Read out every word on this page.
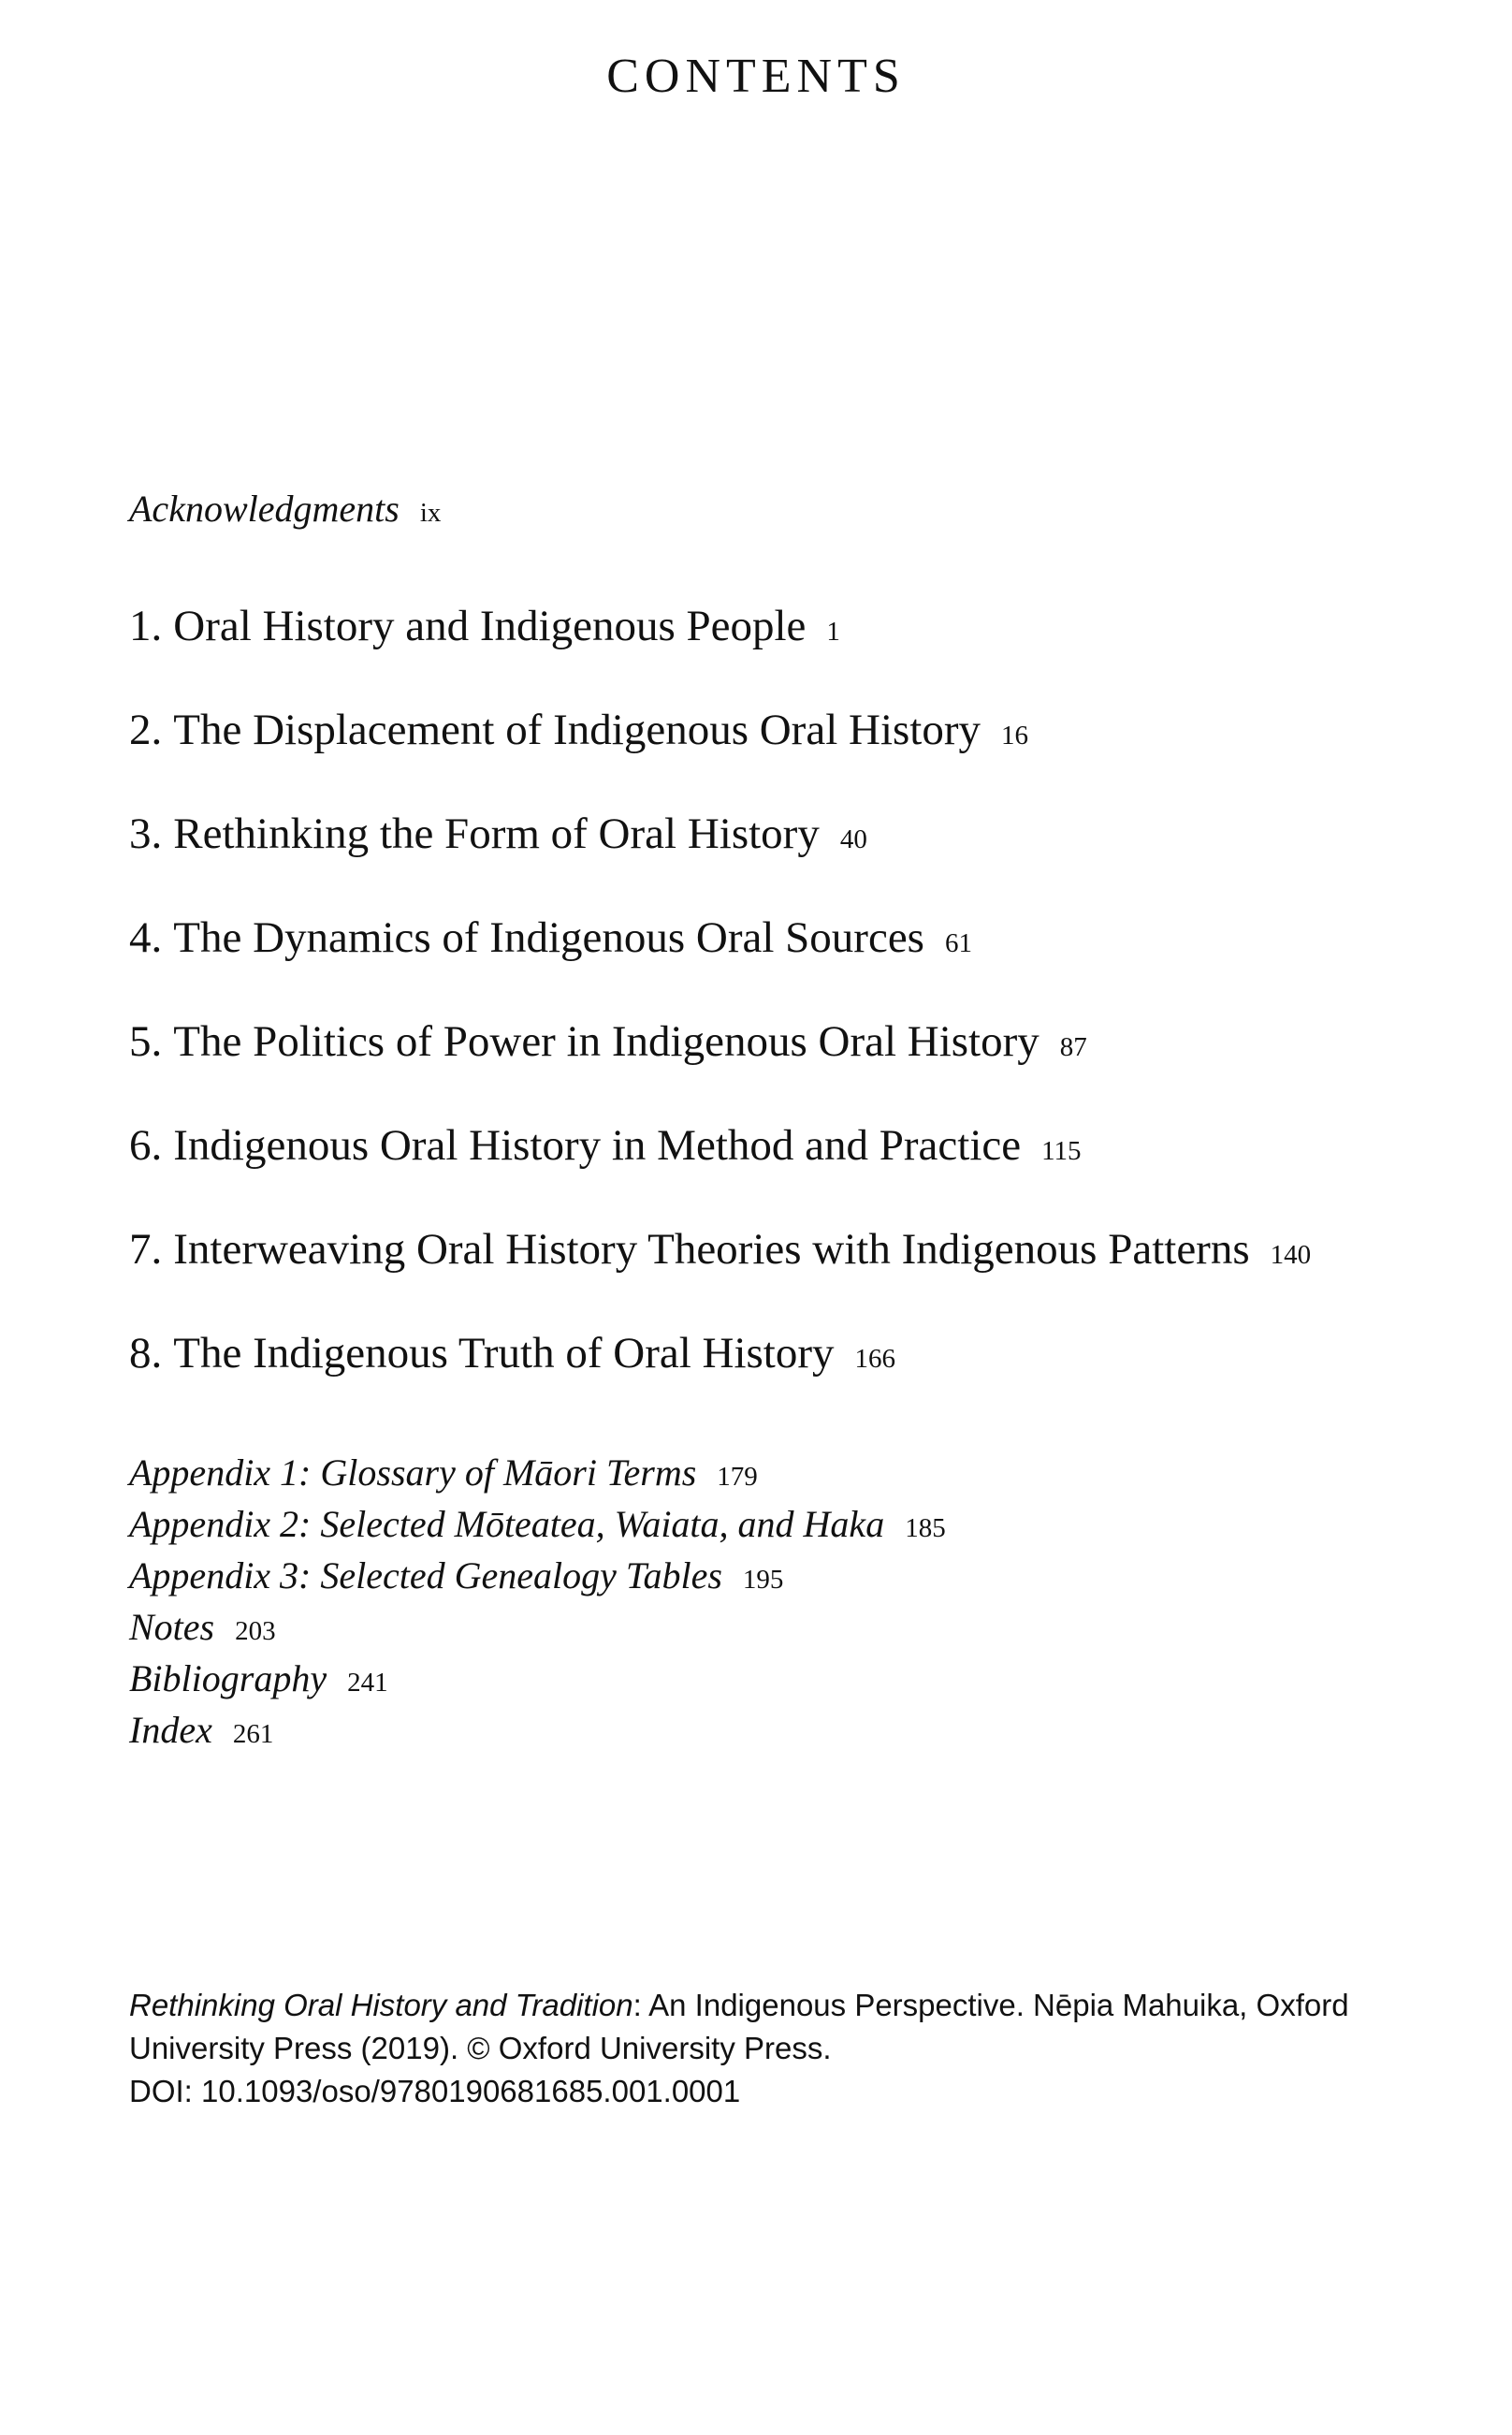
CONTENTS
Acknowledgments ix
1. Oral History and Indigenous People 1
2. The Displacement of Indigenous Oral History 16
3. Rethinking the Form of Oral History 40
4. The Dynamics of Indigenous Oral Sources 61
5. The Politics of Power in Indigenous Oral History 87
6. Indigenous Oral History in Method and Practice 115
7. Interweaving Oral History Theories with Indigenous Patterns 140
8. The Indigenous Truth of Oral History 166
Appendix 1: Glossary of Māori Terms 179
Appendix 2: Selected Mōteatea, Waiata, and Haka 185
Appendix 3: Selected Genealogy Tables 195
Notes 203
Bibliography 241
Index 261
Rethinking Oral History and Tradition: An Indigenous Perspective. Nēpia Mahuika, Oxford
University Press (2019). © Oxford University Press.
DOI: 10.1093/oso/9780190681685.001.0001
